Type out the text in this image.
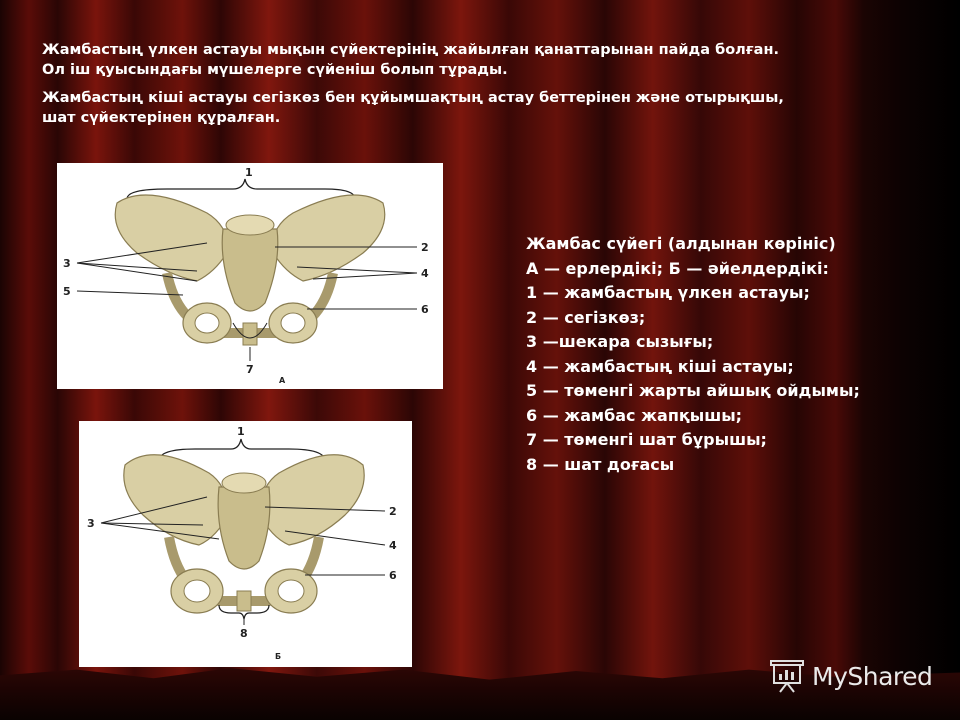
Жамбастың үлкен астауы мықын сүйектерінің жайылған қанаттарынан пайда болған.
Ол іш қуысындағы мүшелерге сүйеніш болып тұрады.

Жамбастың кіші астауы сегізкөз бен құйымшақтың астау беттерінен және отырықшы,
шат сүйектерінен құралған.

1
2
3
4
5
6
7
А
1
2
3
4
6
8
Б
Жамбас сүйегі (алдынан көрініс)
А — ерлердікі; Б — әйелдердікі:
1 — жамбастың үлкен астауы;
2 — сегізкөз;
3 —шекара сызығы;
4 — жамбастың кіші астауы;
5 — төменгі жарты айшық ойдымы;
6 — жамбас жапқышы;
7 — төменгі шат бұрышы;
8 — шат доғасы
MyShared
